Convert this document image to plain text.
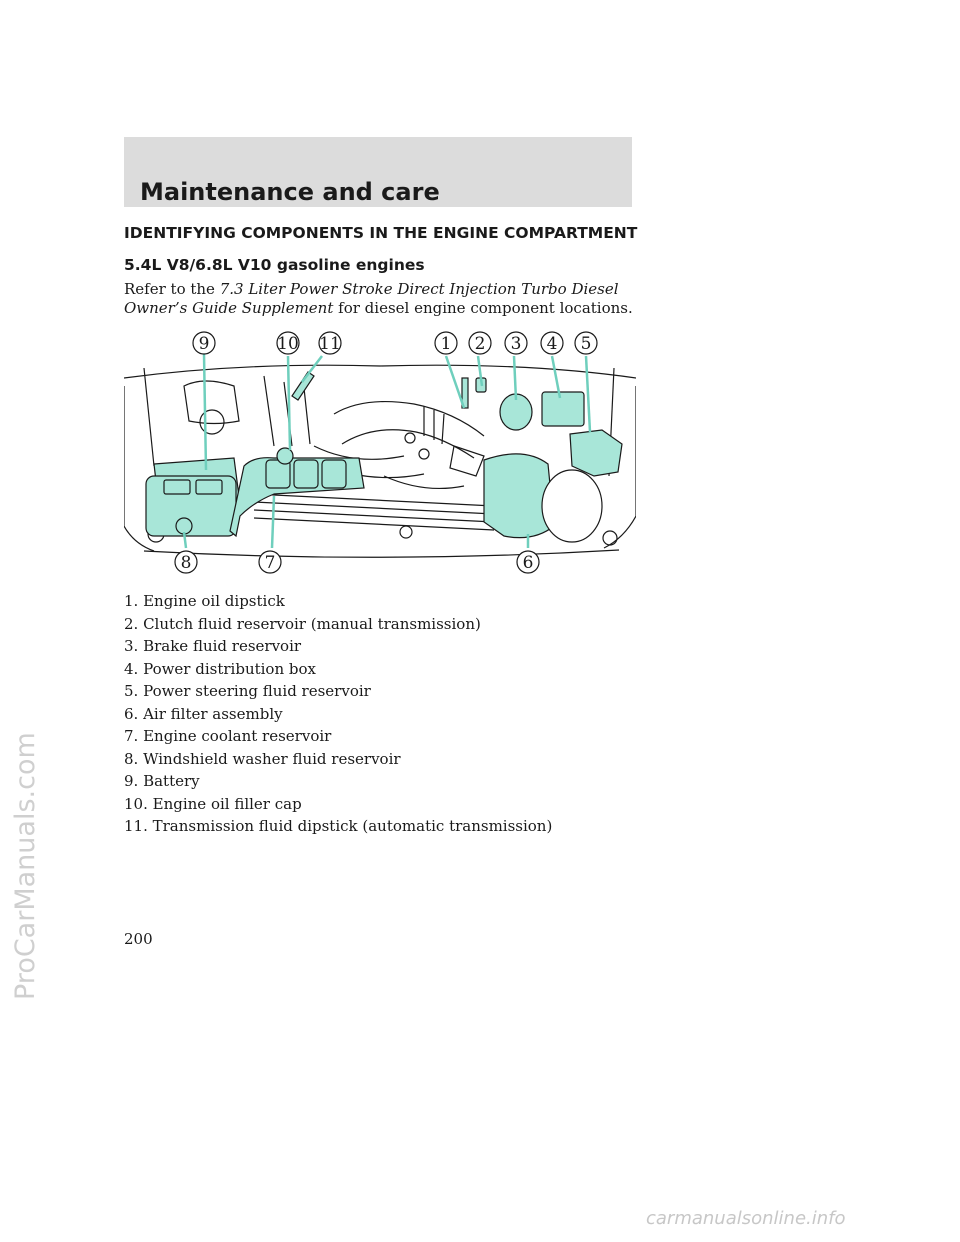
Maintenance and care
IDENTIFYING COMPONENTS IN THE ENGINE COMPARTMENT
5.4L V8/6.8L V10 gasoline engines
Refer to the 7.3 Liter Power Stroke Direct Injection Turbo Diesel Owner’s Guide Supplement for diesel engine component locations.
9	10 11	1 2 3 4 5
8	7	6
1. Engine oil dipstick
2. Clutch fluid reservoir (manual transmission)
3. Brake fluid reservoir
4. Power distribution box
5. Power steering fluid reservoir
6. Air filter assembly
7. Engine coolant reservoir
8. Windshield washer fluid reservoir
9. Battery
10. Engine oil filler cap
11. Transmission fluid dipstick (automatic transmission)
200
ProCarManuals.com
carmanualsonline.info
